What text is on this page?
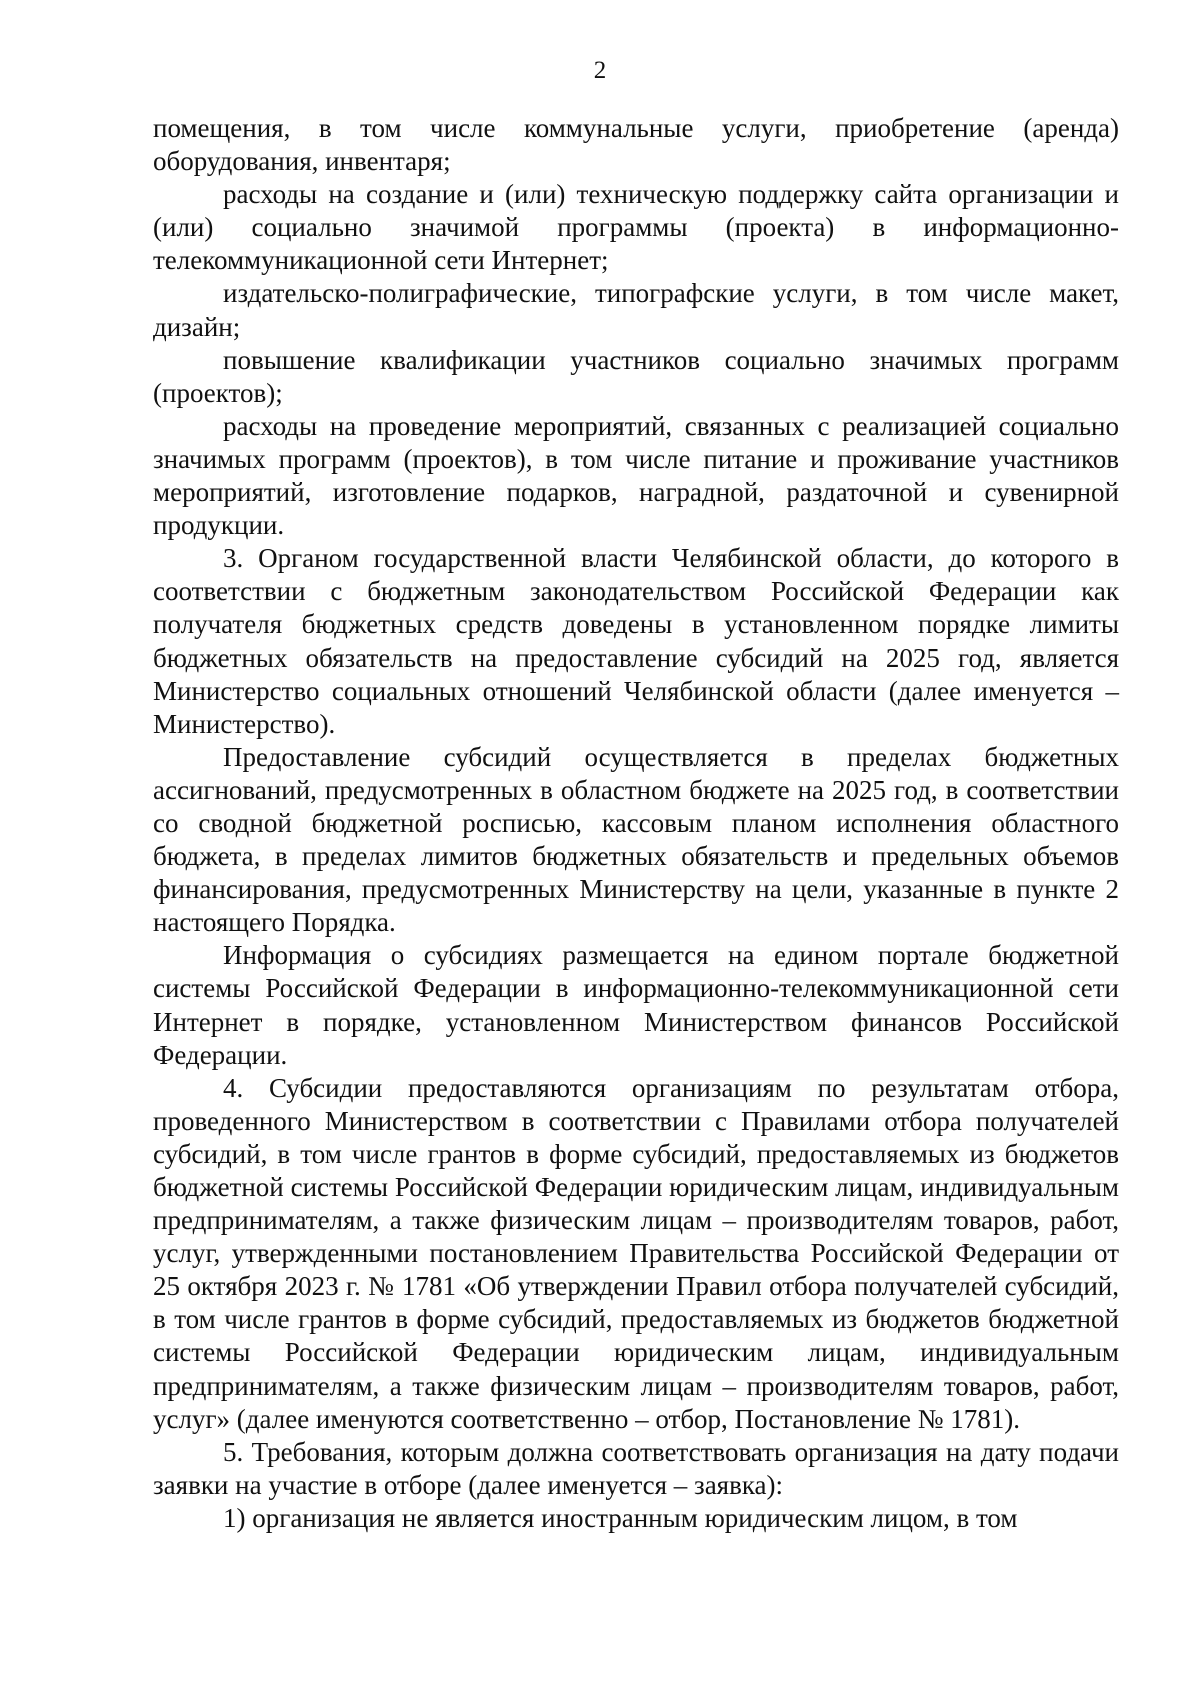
2

помещения, в том числе коммунальные услуги, приобретение (аренда) оборудования, инвентаря;

расходы на создание и (или) техническую поддержку сайта организации и (или) социально значимой программы (проекта) в информационно-телекоммуникационной сети Интернет;

издательско-полиграфические, типографские услуги, в том числе макет, дизайн;

повышение квалификации участников социально значимых программ (проектов);

расходы на проведение мероприятий, связанных с реализацией социально значимых программ (проектов), в том числе питание и проживание участников мероприятий, изготовление подарков, наградной, раздаточной и сувенирной продукции.

3. Органом государственной власти Челябинской области, до которого в соответствии с бюджетным законодательством Российской Федерации как получателя бюджетных средств доведены в установленном порядке лимиты бюджетных обязательств на предоставление субсидий на 2025 год, является Министерство социальных отношений Челябинской области (далее именуется – Министерство).

Предоставление субсидий осуществляется в пределах бюджетных ассигнований, предусмотренных в областном бюджете на 2025 год, в соответствии со сводной бюджетной росписью, кассовым планом исполнения областного бюджета, в пределах лимитов бюджетных обязательств и предельных объемов финансирования, предусмотренных Министерству на цели, указанные в пункте 2 настоящего Порядка.

Информация о субсидиях размещается на едином портале бюджетной системы Российской Федерации в информационно-телекоммуникационной сети Интернет в порядке, установленном Министерством финансов Российской Федерации.

4. Субсидии предоставляются организациям по результатам отбора, проведенного Министерством в соответствии с Правилами отбора получателей субсидий, в том числе грантов в форме субсидий, предоставляемых из бюджетов бюджетной системы Российской Федерации юридическим лицам, индивидуальным предпринимателям, а также физическим лицам – производителям товаров, работ, услуг, утвержденными постановлением Правительства Российской Федерации от 25 октября 2023 г. № 1781 «Об утверждении Правил отбора получателей субсидий, в том числе грантов в форме субсидий, предоставляемых из бюджетов бюджетной системы Российской Федерации юридическим лицам, индивидуальным предпринимателям, а также физическим лицам – производителям товаров, работ, услуг» (далее именуются соответственно – отбор, Постановление № 1781).

5. Требования, которым должна соответствовать организация на дату подачи заявки на участие в отборе (далее именуется – заявка):

1) организация не является иностранным юридическим лицом, в том
